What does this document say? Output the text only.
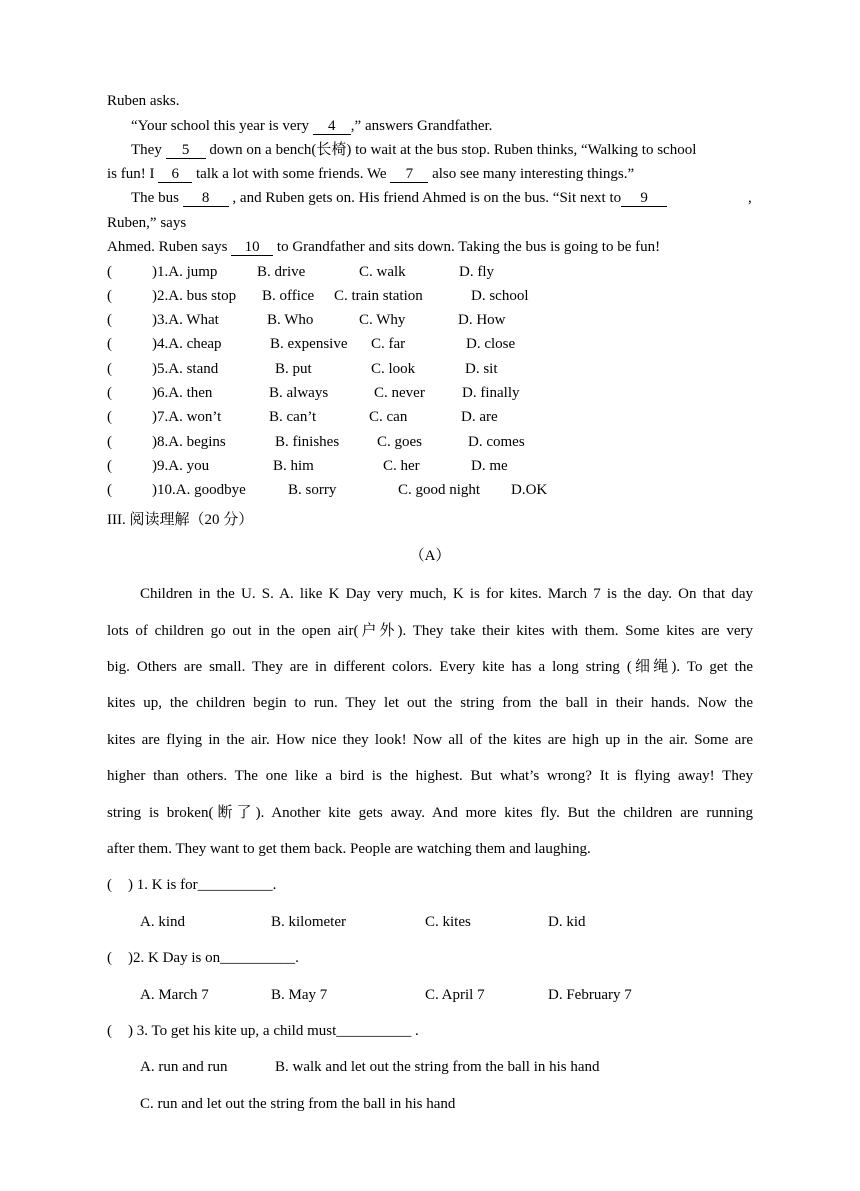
Ruben asks.
“Your school this year is very 4 ,” answers Grandfather.
They 5 down on a bench(长椅) to wait at the bus stop. Ruben thinks, “Walking to school
is fun! I 6 talk a lot with some friends. We 7 also see many interesting things.”
The bus 8 , and Ruben gets on. His friend Ahmed is on the bus. “Sit next to 9	,
Ruben,” says
Ahmed. Ruben says 10 to Grandfather and sits down. Taking the bus is going to be fun!
(	)1.A. jump	B. drive	C. walk	D. fly
(	)2.A. bus stop B. office C. train station	D. school
(	)3.A. What	B. Who	C. Why	D. How
(	)4.A. cheap	B. expensive C. far	D. close
(	)5.A. stand	B. put	C. look	D. sit
(	)6.A. then	B. always	C. never D. finally
(	)7.A. won’t	B. can’t	C. can	D. are
(	)8.A. begins	B. finishes	C. goes	D. comes
(	)9.A. you	B. him	C. her	D. me
(	)10.A. goodbye	B. sorry	C. good night D.OK
III. 阅读理解（20 分）
（A）
Children in the U. S. A. like K Day very much, K is for kites. March 7 is the day. On that day
lots of children go out in the open air(户外). They take their kites with them. Some kites are very
big. Others are small. They are in different colors. Every kite has a long string (细绳). To get the
kites up, the children begin to run. They let out the string from the ball in their hands. Now the
kites are flying in the air. How nice they look! Now all of the kites are high up in the air. Some are
higher than others. The one like a bird is the highest. But what’s wrong? It is flying away! They
string is broken(断了). Another kite gets away. And more kites fly. But the children are running
after them. They want to get them back. People are watching them and laughing.
( ) 1. K is for__________.
A. kind	B. kilometer	C. kites	D. kid
( )2. K Day is on__________.
A. March 7	B. May 7	C. April 7	D. February 7
( ) 3. To get his kite up, a child must__________ .
A. run and run	B. walk and let out the string from the ball in his hand
C. run and let out the string from the ball in his hand
